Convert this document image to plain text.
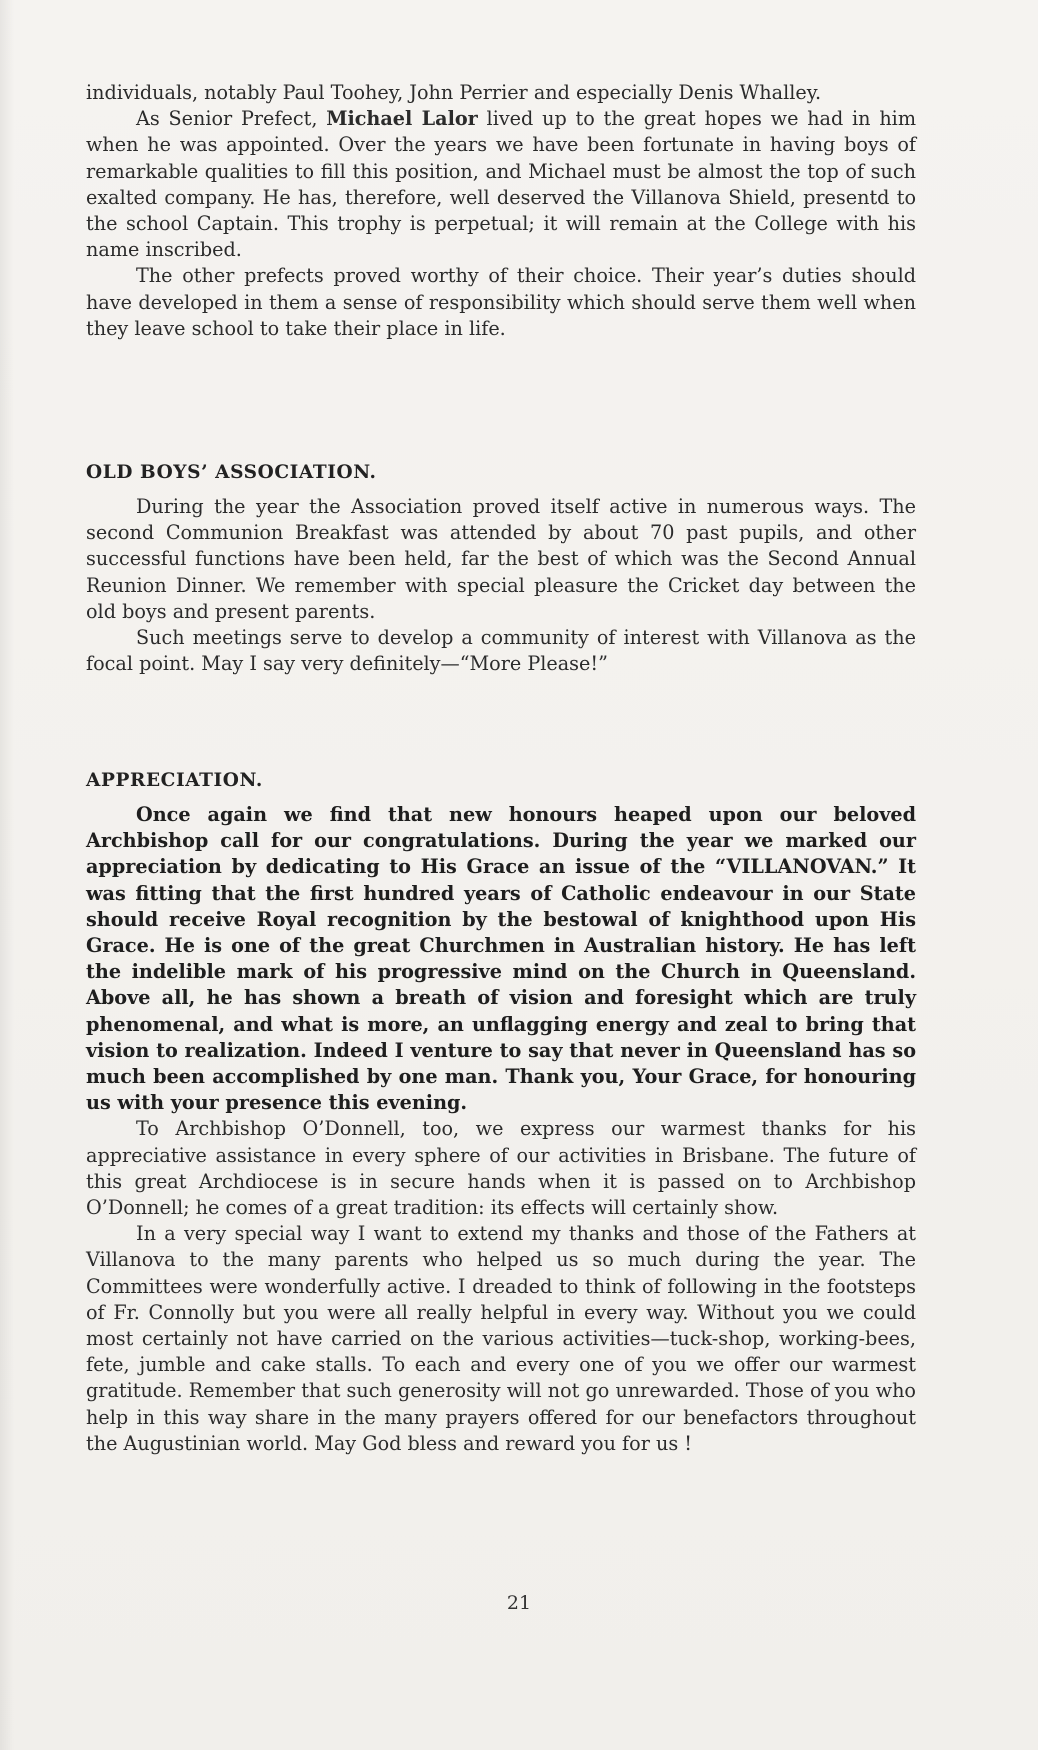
individuals, notably Paul Toohey, John Perrier and especially Denis Whalley.

As Senior Prefect, Michael Lalor lived up to the great hopes we had in him when he was appointed. Over the years we have been fortunate in having boys of remarkable qualities to fill this position, and Michael must be almost the top of such exalted company. He has, therefore, well deserved the Villanova Shield, presentd to the school Captain. This trophy is perpetual; it will remain at the College with his name inscribed.

The other prefects proved worthy of their choice. Their year’s duties should have developed in them a sense of responsibility which should serve them well when they leave school to take their place in life.

OLD BOYS’ ASSOCIATION.

During the year the Association proved itself active in numerous ways. The second Communion Breakfast was attended by about 70 past pupils, and other successful functions have been held, far the best of which was the Second Annual Reunion Dinner. We remember with special pleasure the Cricket day between the old boys and present parents.

Such meetings serve to develop a community of interest with Villanova as the focal point. May I say very definitely—“More Please!”

APPRECIATION.

Once again we find that new honours heaped upon our beloved Archbishop call for our congratulations. During the year we marked our appreciation by dedicating to His Grace an issue of the “VILLANOVAN.” It was fitting that the first hundred years of Catholic endeavour in our State should receive Royal recognition by the bestowal of knighthood upon His Grace. He is one of the great Churchmen in Australian history. He has left the indelible mark of his progressive mind on the Church in Queensland. Above all, he has shown a breath of vision and foresight which are truly phenomenal, and what is more, an unflagging energy and zeal to bring that vision to realization. Indeed I venture to say that never in Queensland has so much been accomplished by one man. Thank you, Your Grace, for honouring us with your presence this evening.

To Archbishop O’Donnell, too, we express our warmest thanks for his appreciative assistance in every sphere of our activities in Brisbane. The future of this great Archdiocese is in secure hands when it is passed on to Archbishop O’Donnell; he comes of a great tradition: its effects will certainly show.

In a very special way I want to extend my thanks and those of the Fathers at Villanova to the many parents who helped us so much during the year. The Committees were wonderfully active. I dreaded to think of following in the footsteps of Fr. Connolly but you were all really helpful in every way. Without you we could most certainly not have carried on the various activities—tuck-shop, working-bees, fete, jumble and cake stalls. To each and every one of you we offer our warmest gratitude. Remember that such generosity will not go unrewarded. Those of you who help in this way share in the many prayers offered for our benefactors throughout the Augustinian world. May God bless and reward you for us !

21
